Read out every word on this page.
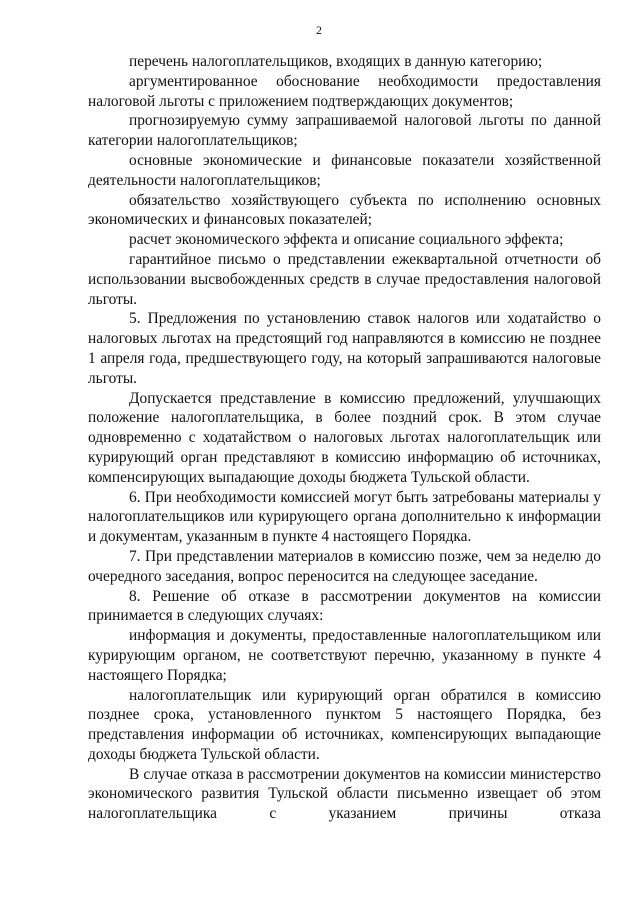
2

перечень налогоплательщиков, входящих в данную категорию;

аргументированное обоснование необходимости предоставления налоговой льготы с приложением подтверждающих документов;

прогнозируемую сумму запрашиваемой налоговой льготы по данной категории налогоплательщиков;

основные экономические и финансовые показатели хозяйственной деятельности налогоплательщиков;

обязательство хозяйствующего субъекта по исполнению основных экономических и финансовых показателей;

расчет экономического эффекта и описание социального эффекта;

гарантийное письмо о представлении ежеквартальной отчетности об использовании высвобожденных средств в случае предоставления налоговой льготы.

5. Предложения по установлению ставок налогов или ходатайство о налоговых льготах на предстоящий год направляются в комиссию не позднее 1 апреля года, предшествующего году, на который запрашиваются налоговые льготы.

Допускается представление в комиссию предложений, улучшающих положение налогоплательщика, в более поздний срок. В этом случае одновременно с ходатайством о налоговых льготах налогоплательщик или курирующий орган представляют в комиссию информацию об источниках, компенсирующих выпадающие доходы бюджета Тульской области.

6. При необходимости комиссией могут быть затребованы материалы у налогоплательщиков или курирующего органа дополнительно к информации и документам, указанным в пункте 4 настоящего Порядка.

7. При представлении материалов в комиссию позже, чем за неделю до очередного заседания, вопрос переносится на следующее заседание.

8. Решение об отказе в рассмотрении документов на комиссии принимается в следующих случаях:

информация и документы, предоставленные налогоплательщиком или курирующим органом, не соответствуют перечню, указанному в пункте 4 настоящего Порядка;

налогоплательщик или курирующий орган обратился в комиссию позднее срока, установленного пунктом 5 настоящего Порядка, без представления информации об источниках, компенсирующих выпадающие доходы бюджета Тульской области.

В случае отказа в рассмотрении документов на комиссии министерство экономического развития Тульской области письменно извещает об этом налогоплательщика с указанием причины отказа
